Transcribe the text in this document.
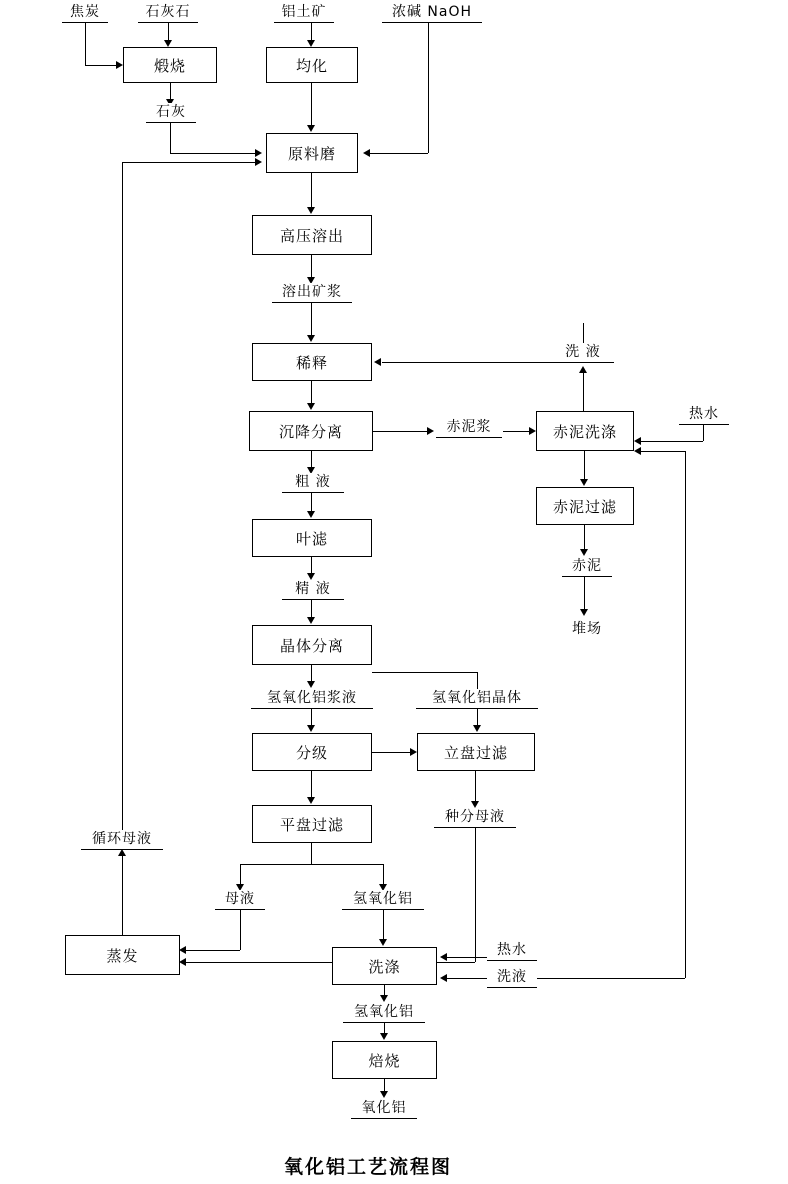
煅烧	均化
原料磨
高压溶出
稀释
沉降分离
叶滤
晶体分离
分级
平盘过滤
立盘过滤
赤泥洗涤
赤泥过滤
蒸发
洗涤
焙烧
焦炭	石灰石	铝土矿	浓碱 NaOH
石灰
溶出矿浆
洗 液
赤泥浆
热水
粗 液
赤泥
堆场
精 液
氢氧化铝浆液	氢氧化铝晶体
种分母液
循环母液
母液	氢氧化铝
热水
洗液
氢氧化铝
氧化铝
氧化铝工艺流程图
